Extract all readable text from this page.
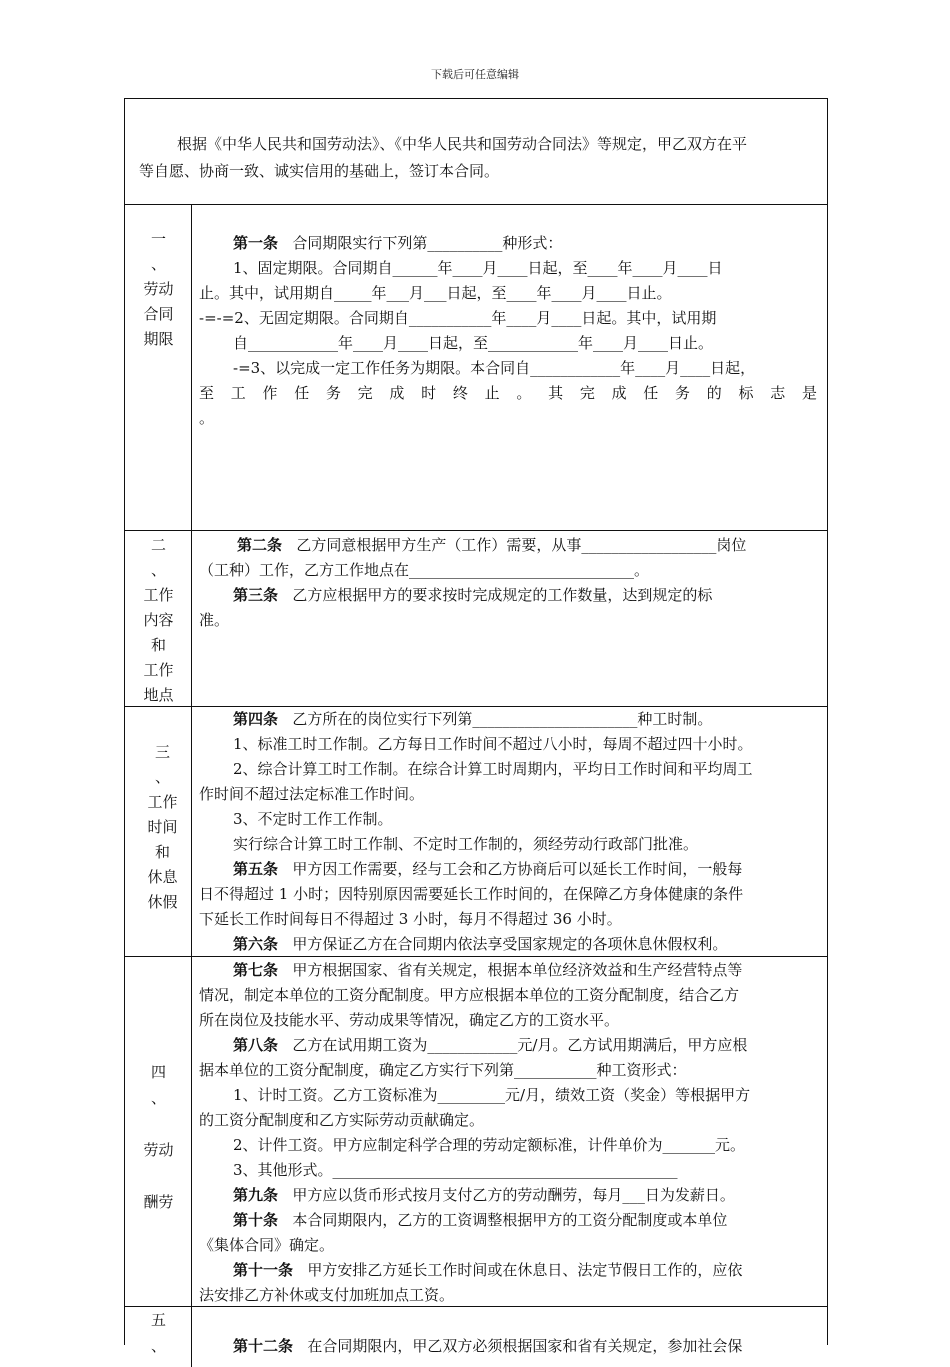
下载后可任意编辑
根据《中华人民共和国劳动法》、《中华人民共和国劳动合同法》等规定，甲乙双方在平
等自愿、协商一致、诚实信用的基础上，签订本合同。
一
、
劳动
合同
期限
第一条 合同期限实行下列第__________种形式：
1、固定期限。合同期自______年____月____日起，至____年____月____日
止。其中，试用期自_____年___月___日起，至____年____月____日止。
-=-=2、无固定期限。合同期自___________年____月____日起。其中，试用期
自____________年____月____日起，至____________年____月____日止。
-=3、以完成一定工作任务为期限。本合同自____________年____月____日起，
至工作任务完成时终止。其完成任务的标志是
。
二
、
工作
内容
和
工作
地点
第二条 乙方同意根据甲方生产（工作）需要，从事__________________岗位
（工种）工作，乙方工作地点在______________________________。
第三条 乙方应根据甲方的要求按时完成规定的工作数量，达到规定的标
准。
三
、
工作
时间
和
休息
休假
第四条 乙方所在的岗位实行下列第______________________种工时制。
1、标准工时工作制。乙方每日工作时间不超过八小时，每周不超过四十小时。
2、综合计算工时工作制。在综合计算工时周期内，平均日工作时间和平均周工
作时间不超过法定标准工作时间。
3、不定时工作工作制。
实行综合计算工时工作制、不定时工作制的，须经劳动行政部门批准。
第五条 甲方因工作需要，经与工会和乙方协商后可以延长工作时间，一般每
日不得超过 1 小时；因特别原因需要延长工作时间的，在保障乙方身体健康的条件
下延长工作时间每日不得超过 3 小时，每月不得超过 36 小时。
第六条 甲方保证乙方在合同期内依法享受国家规定的各项休息休假权利。
四
、
劳动
酬劳
第七条 甲方根据国家、省有关规定，根据本单位经济效益和生产经营特点等
情况，制定本单位的工资分配制度。甲方应根据本单位的工资分配制度，结合乙方
所在岗位及技能水平、劳动成果等情况，确定乙方的工资水平。
第八条 乙方在试用期工资为____________元/月。乙方试用期满后，甲方应根
据本单位的工资分配制度，确定乙方实行下列第___________种工资形式：
1、计时工资。乙方工资标准为_________元/月，绩效工资（奖金）等根据甲方
的工资分配制度和乙方实际劳动贡献确定。
2、计件工资。甲方应制定科学合理的劳动定额标准，计件单价为_______元。
3、其他形式。______________________________________________
第九条 甲方应以货币形式按月支付乙方的劳动酬劳，每月___日为发薪日。
第十条 本合同期限内，乙方的工资调整根据甲方的工资分配制度或本单位
《集体合同》确定。
第十一条 甲方安排乙方延长工作时间或在休息日、法定节假日工作的，应依
法安排乙方补休或支付加班加点工资。
五
、	第十二条 在合同期限内，甲乙双方必须根据国家和省有关规定，参加社会保
